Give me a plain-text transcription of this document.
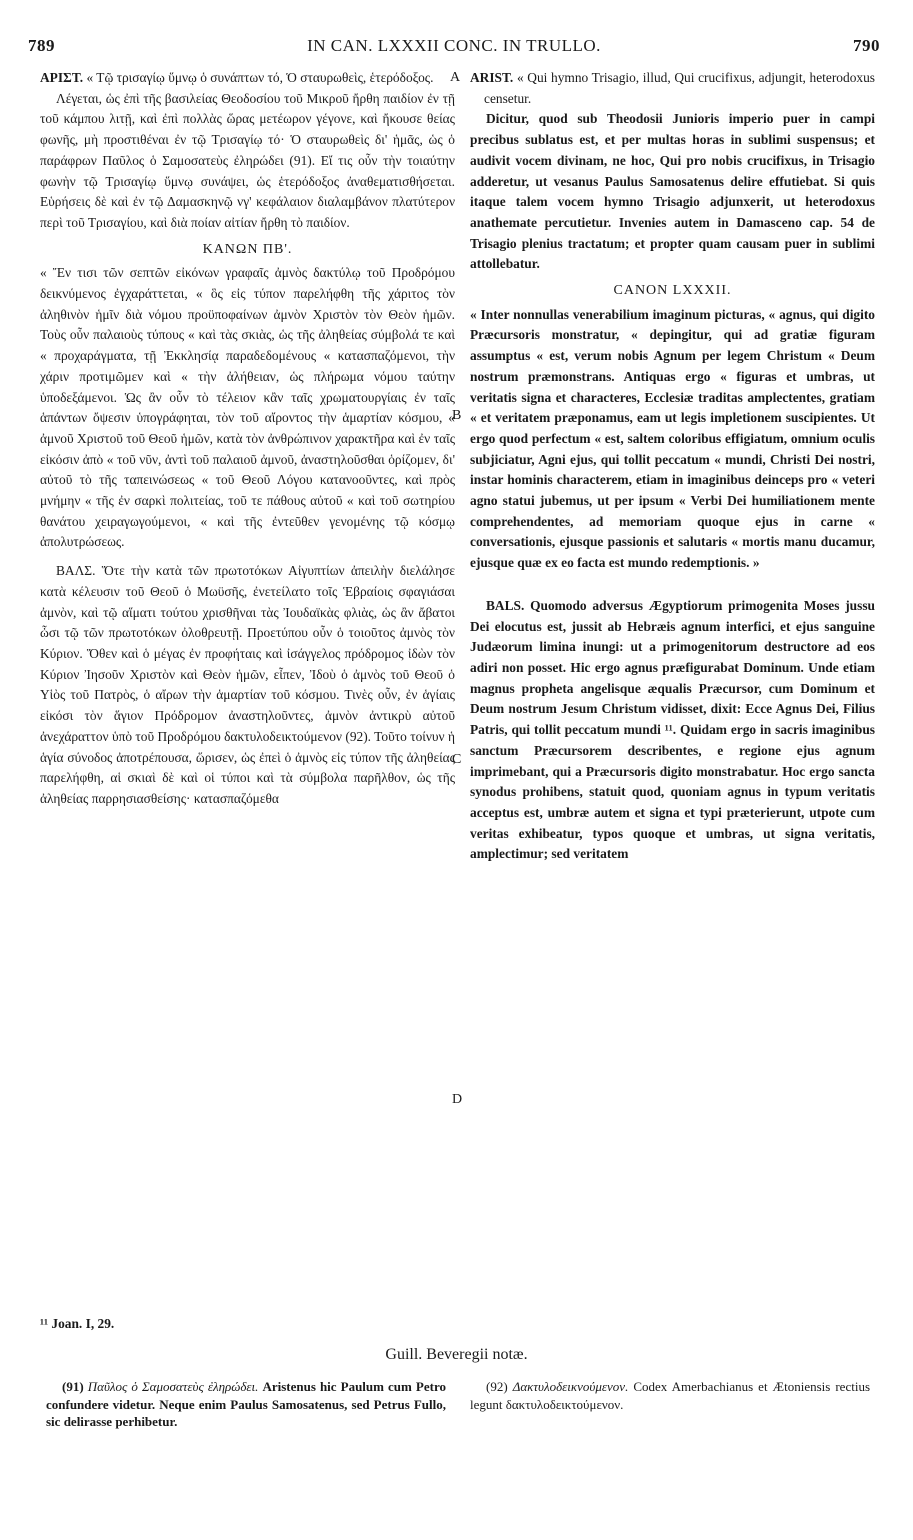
789	IN CAN. LXXXII CONC. IN TRULLO.	790
A
B
C
D

ΑΡΙΣΤ. « Τῷ τρισαγίῳ ὕμνῳ ὁ συνάπτων τό, Ὁ σταυρωθεὶς, ἑτερόδοξος.

Λέγεται, ὡς ἐπὶ τῆς βασιλείας Θεοδοσίου τοῦ Μικροῦ ἤρθη παιδίον ἐν τῇ τοῦ κάμπου λιτῇ, καὶ ἐπὶ πολλὰς ὥρας μετέωρον γέγονε, καὶ ἤκουσε θείας φωνῆς, μὴ προστιθέναι ἐν τῷ Τρισαγίῳ τό· Ὁ σταυρωθεὶς δι' ἡμᾶς, ὡς ὁ παράφρων Παῦλος ὁ Σαμοσατεὺς ἐληρώδει (91). Εἴ τις οὖν τὴν τοιαύτην φωνὴν τῷ Τρισαγίῳ ὕμνῳ συνάψει, ὡς ἑτερόδοξος ἀναθεματισθήσεται. Εὑρήσεις δὲ καὶ ἐν τῷ Δαμασκηνῷ νγ' κεφάλαιον διαλαμβάνον πλατύτερον περὶ τοῦ Τρισαγίου, καὶ διὰ ποίαν αἰτίαν ἤρθη τὸ παιδίον.

ΚΑΝΩΝ ΠΒ'.

« Ἔν τισι τῶν σεπτῶν εἰκόνων γραφαῖς ἀμνὸς δακτύλῳ τοῦ Προδρόμου δεικνύμενος ἐγχαράττεται, « ὃς εἰς τύπον παρελήφθη τῆς χάριτος τὸν ἀληθινὸν ἡμῖν διὰ νόμου προϋποφαίνων ἀμνὸν Χριστὸν τὸν Θεὸν ἡμῶν. Τοὺς οὖν παλαιοὺς τύπους « καὶ τὰς σκιὰς, ὡς τῆς ἀληθείας σύμβολά τε καὶ « προχαράγματα, τῇ Ἐκκλησίᾳ παραδεδομένους « κατασπαζόμενοι, τὴν χάριν προτιμῶμεν καὶ « τὴν ἀλήθειαν, ὡς πλήρωμα νόμου ταύτην ὑποδεξάμενοι. Ὡς ἂν οὖν τὸ τέλειον κἂν ταῖς χρωματουργίαις ἐν ταῖς ἁπάντων ὄψεσιν ὑπογράφηται, τὸν τοῦ αἴροντος τὴν ἁμαρτίαν κόσμου, « ἀμνοῦ Χριστοῦ τοῦ Θεοῦ ἡμῶν, κατὰ τὸν ἀνθρώπινον χαρακτῆρα καὶ ἐν ταῖς εἰκόσιν ἀπὸ « τοῦ νῦν, ἀντὶ τοῦ παλαιοῦ ἀμνοῦ, ἀναστηλοῦσθαι ὁρίζομεν, δι' αὐτοῦ τὸ τῆς ταπεινώσεως « τοῦ Θεοῦ Λόγου κατανοοῦντες, καὶ πρὸς μνήμην « τῆς ἐν σαρκὶ πολιτείας, τοῦ τε πάθους αὐτοῦ « καὶ τοῦ σωτηρίου θανάτου χειραγωγούμενοι, « καὶ τῆς ἐντεῦθεν γενομένης τῷ κόσμῳ ἀπολυτρώσεως.

ΒΑΛΣ. Ὅτε τὴν κατὰ τῶν πρωτοτόκων Αἰγυπτίων ἀπειλὴν διελάλησε κατὰ κέλευσιν τοῦ Θεοῦ ὁ Μωϋσῆς, ἐνετείλατο τοῖς Ἑβραίοις σφαγιάσαι ἀμνὸν, καὶ τῷ αἵματι τούτου χρισθῆναι τὰς Ἰουδαϊκὰς φλιὰς, ὡς ἂν ἄβατοι ὦσι τῷ τῶν πρωτοτόκων ὀλοθρευτῇ. Προετύπου οὖν ὁ τοιοῦτος ἀμνὸς τὸν Κύριον. Ὅθεν καὶ ὁ μέγας ἐν προφήταις καὶ ἰσάγγελος πρόδρομος ἰδὼν τὸν Κύριον Ἰησοῦν Χριστὸν καὶ Θεὸν ἡμῶν, εἶπεν, Ἰδοὺ ὁ ἀμνὸς τοῦ Θεοῦ ὁ Υἱὸς τοῦ Πατρὸς, ὁ αἴρων τὴν ἁμαρτίαν τοῦ κόσμου. Τινὲς οὖν, ἐν ἁγίαις εἰκόσι τὸν ἅγιον Πρόδρομον ἀναστηλοῦντες, ἀμνὸν ἀντικρὺ αὐτοῦ ἀνεχάραττον ὑπὸ τοῦ Προδρόμου δακτυλοδεικτούμενον (92). Τοῦτο τοίνυν ἡ ἁγία σύνοδος ἀποτρέπουσα, ὥρισεν, ὡς ἐπεὶ ὁ ἀμνὸς εἰς τύπον τῆς ἀληθείας παρελήφθη, αἱ σκιαὶ δὲ καὶ οἱ τύποι καὶ τὰ σύμβολα παρῆλθον, ὡς τῆς ἀληθείας παρρησιασθείσης· κατασπαζόμεθα

ARIST. « Qui hymno Trisagio, illud, Qui crucifixus, adjungit, heterodoxus censetur.

Dicitur, quod sub Theodosii Junioris imperio puer in campi precibus sublatus est, et per multas horas in sublimi suspensus; et audivit vocem divinam, ne hoc, Qui pro nobis crucifixus, in Trisagio adderetur, ut vesanus Paulus Samosatenus delire effutiebat. Si quis itaque talem vocem hymno Trisagio adjunxerit, ut heterodoxus anathemate percutietur. Invenies autem in Damasceno cap. 54 de Trisagio plenius tractatum; et propter quam causam puer in sublimi attollebatur.

CANON LXXXII.

« Inter nonnullas venerabilium imaginum picturas, « agnus, qui digito Præcursoris monstratur, « depingitur, qui ad gratiæ figuram assumptus « est, verum nobis Agnum per legem Christum « Deum nostrum præmonstrans. Antiquas ergo « figuras et umbras, ut veritatis signa et characteres, Ecclesiæ traditas amplectentes, gratiam « et veritatem præponamus, eam ut legis impletionem suscipientes. Ut ergo quod perfectum « est, saltem coloribus effigiatum, omnium oculis subjiciatur, Agni ejus, qui tollit peccatum « mundi, Christi Dei nostri, instar hominis characterem, etiam in imaginibus deinceps pro « veteri agno statui jubemus, ut per ipsum « Verbi Dei humiliationem mente comprehendentes, ad memoriam quoque ejus in carne « conversationis, ejusque passionis et salutaris « mortis manu ducamur, ejusque quæ ex eo facta est mundo redemptionis. »

BALS. Quomodo adversus Ægyptiorum primogenita Moses jussu Dei elocutus est, jussit ab Hebræis agnum interfici, et ejus sanguine Judæorum limina inungi: ut a primogenitorum destructore ad eos adiri non posset. Hic ergo agnus præfigurabat Dominum. Unde etiam magnus propheta angelisque æqualis Præcursor, cum Dominum et Deum nostrum Jesum Christum vidisset, dixit: Ecce Agnus Dei, Filius Patris, qui tollit peccatum mundi ¹¹. Quidam ergo in sacris imaginibus sanctum Præcursorem describentes, e regione ejus agnum imprimebant, qui a Præcursoris digito monstrabatur. Hoc ergo sancta synodus prohibens, statuit quod, quoniam agnus in typum veritatis acceptus est, umbræ autem et signa et typi præterierunt, utpote cum veritas exhibeatur, typos quoque et umbras, ut signa veritatis, amplectimur; sed veritatem

¹¹ Joan. I, 29.
Guill. Beveregii notæ.

(91) Παῦλος ὁ Σαμοσατεὺς ἐληρώδει. Aristenus hic Paulum cum Petro confundere videtur. Neque enim Paulus Samosatenus, sed Petrus Fullo, sic delirasse perhibetur.

(92) Δακτυλοδεικνούμενον. Codex Amerbachianus et Ætoniensis rectius legunt δακτυλοδεικτούμενον.
